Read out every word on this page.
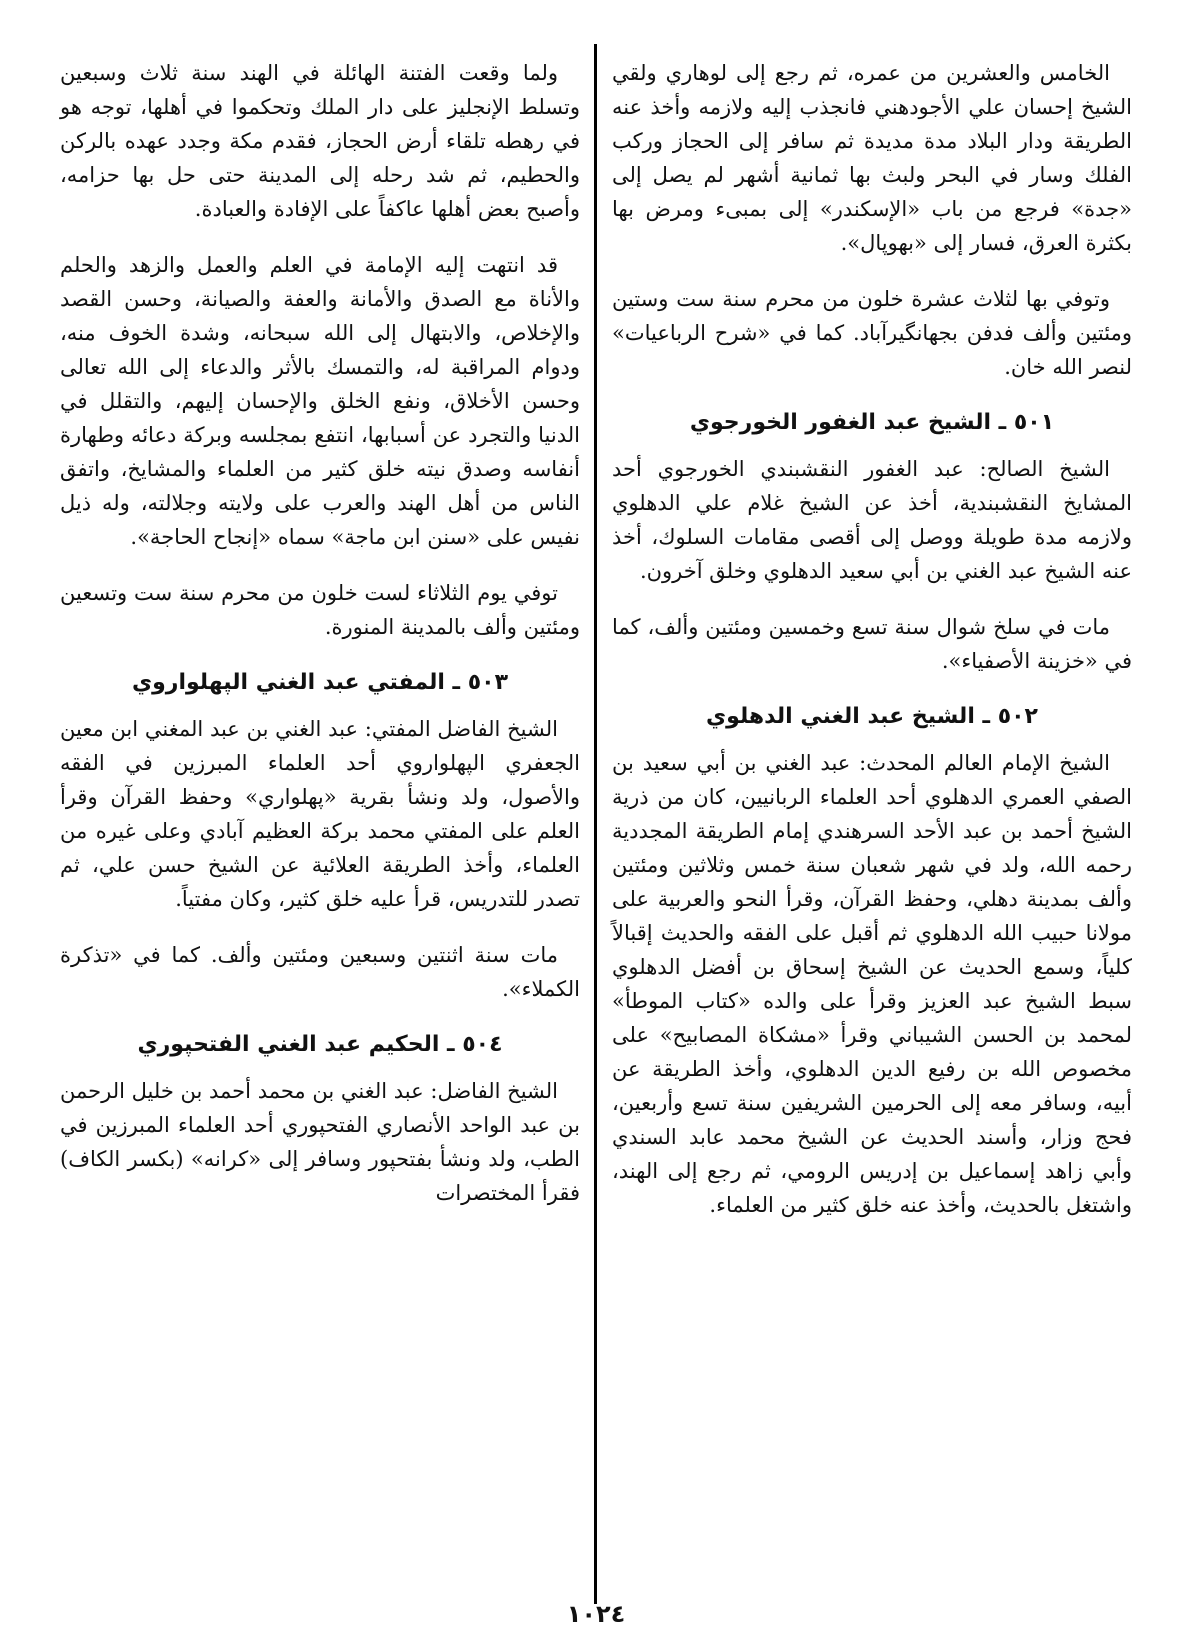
الخامس والعشرين من عمره، ثم رجع إلى لوهاري ولقي الشيخ إحسان علي الأجودهني فانجذب إليه ولازمه وأخذ عنه الطريقة ودار البلاد مدة مديدة ثم سافر إلى الحجاز وركب الفلك وسار في البحر ولبث بها ثمانية أشهر لم يصل إلى «جدة» فرجع من باب «الإسكندر» إلى بمبىء ومرض بها بكثرة العرق، فسار إلى «بهوپال».

وتوفي بها لثلاث عشرة خلون من محرم سنة ست وستين ومئتين وألف فدفن بجهانگيرآباد. كما في «شرح الرباعيات» لنصر الله خان.

٥٠١ ـ الشيخ عبد الغفور الخورجوي

الشيخ الصالح: عبد الغفور النقشبندي الخورجوي أحد المشايخ النقشبندية، أخذ عن الشيخ غلام علي الدهلوي ولازمه مدة طويلة ووصل إلى أقصى مقامات السلوك، أخذ عنه الشيخ عبد الغني بن أبي سعيد الدهلوي وخلق آخرون.

مات في سلخ شوال سنة تسع وخمسين ومئتين وألف، كما في «خزينة الأصفياء».

٥٠٢ ـ الشيخ عبد الغني الدهلوي

الشيخ الإمام العالم المحدث: عبد الغني بن أبي سعيد بن الصفي العمري الدهلوي أحد العلماء الربانيين، كان من ذرية الشيخ أحمد بن عبد الأحد السرهندي إمام الطريقة المجددية رحمه الله، ولد في شهر شعبان سنة خمس وثلاثين ومئتين وألف بمدينة دهلي، وحفظ القرآن، وقرأ النحو والعربية على مولانا حبيب الله الدهلوي ثم أقبل على الفقه والحديث إقبالاً كلياً، وسمع الحديث عن الشيخ إسحاق بن أفضل الدهلوي سبط الشيخ عبد العزيز وقرأ على والده «كتاب الموطأ» لمحمد بن الحسن الشيباني وقرأ «مشكاة المصابيح» على مخصوص الله بن رفيع الدين الدهلوي، وأخذ الطريقة عن أبيه، وسافر معه إلى الحرمين الشريفين سنة تسع وأربعين، فحج وزار، وأسند الحديث عن الشيخ محمد عابد السندي وأبي زاهد إسماعيل بن إدريس الرومي، ثم رجع إلى الهند، واشتغل بالحديث، وأخذ عنه خلق كثير من العلماء.

ولما وقعت الفتنة الهائلة في الهند سنة ثلاث وسبعين وتسلط الإنجليز على دار الملك وتحكموا في أهلها، توجه هو في رهطه تلقاء أرض الحجاز، فقدم مكة وجدد عهده بالركن والحطيم، ثم شد رحله إلى المدينة حتى حل بها حزامه، وأصبح بعض أهلها عاكفاً على الإفادة والعبادة.

قد انتهت إليه الإمامة في العلم والعمل والزهد والحلم والأناة مع الصدق والأمانة والعفة والصيانة، وحسن القصد والإخلاص، والابتهال إلى الله سبحانه، وشدة الخوف منه، ودوام المراقبة له، والتمسك بالأثر والدعاء إلى الله تعالى وحسن الأخلاق، ونفع الخلق والإحسان إليهم، والتقلل في الدنيا والتجرد عن أسبابها، انتفع بمجلسه وبركة دعائه وطهارة أنفاسه وصدق نيته خلق كثير من العلماء والمشايخ، واتفق الناس من أهل الهند والعرب على ولايته وجلالته، وله ذيل نفيس على «سنن ابن ماجة» سماه «إنجاح الحاجة».

توفي يوم الثلاثاء لست خلون من محرم سنة ست وتسعين ومئتين وألف بالمدينة المنورة.

٥٠٣ ـ المفتي عبد الغني الپهلواروي

الشيخ الفاضل المفتي: عبد الغني بن عبد المغني ابن معين الجعفري الپهلواروي أحد العلماء المبرزين في الفقه والأصول، ولد ونشأ بقرية «پهلواري» وحفظ القرآن وقرأ العلم على المفتي محمد بركة العظيم آبادي وعلى غيره من العلماء، وأخذ الطريقة العلائية عن الشيخ حسن علي، ثم تصدر للتدريس، قرأ عليه خلق كثير، وكان مفتياً.

مات سنة اثنتين وسبعين ومئتين وألف. كما في «تذكرة الكملاء».

٥٠٤ ـ الحكيم عبد الغني الفتحپوري

الشيخ الفاضل: عبد الغني بن محمد أحمد بن خليل الرحمن بن عبد الواحد الأنصاري الفتحپوري أحد العلماء المبرزين في الطب، ولد ونشأ بفتحپور وسافر إلى «كرانه» (بكسر الكاف) فقرأ المختصرات

١٠٢٤
